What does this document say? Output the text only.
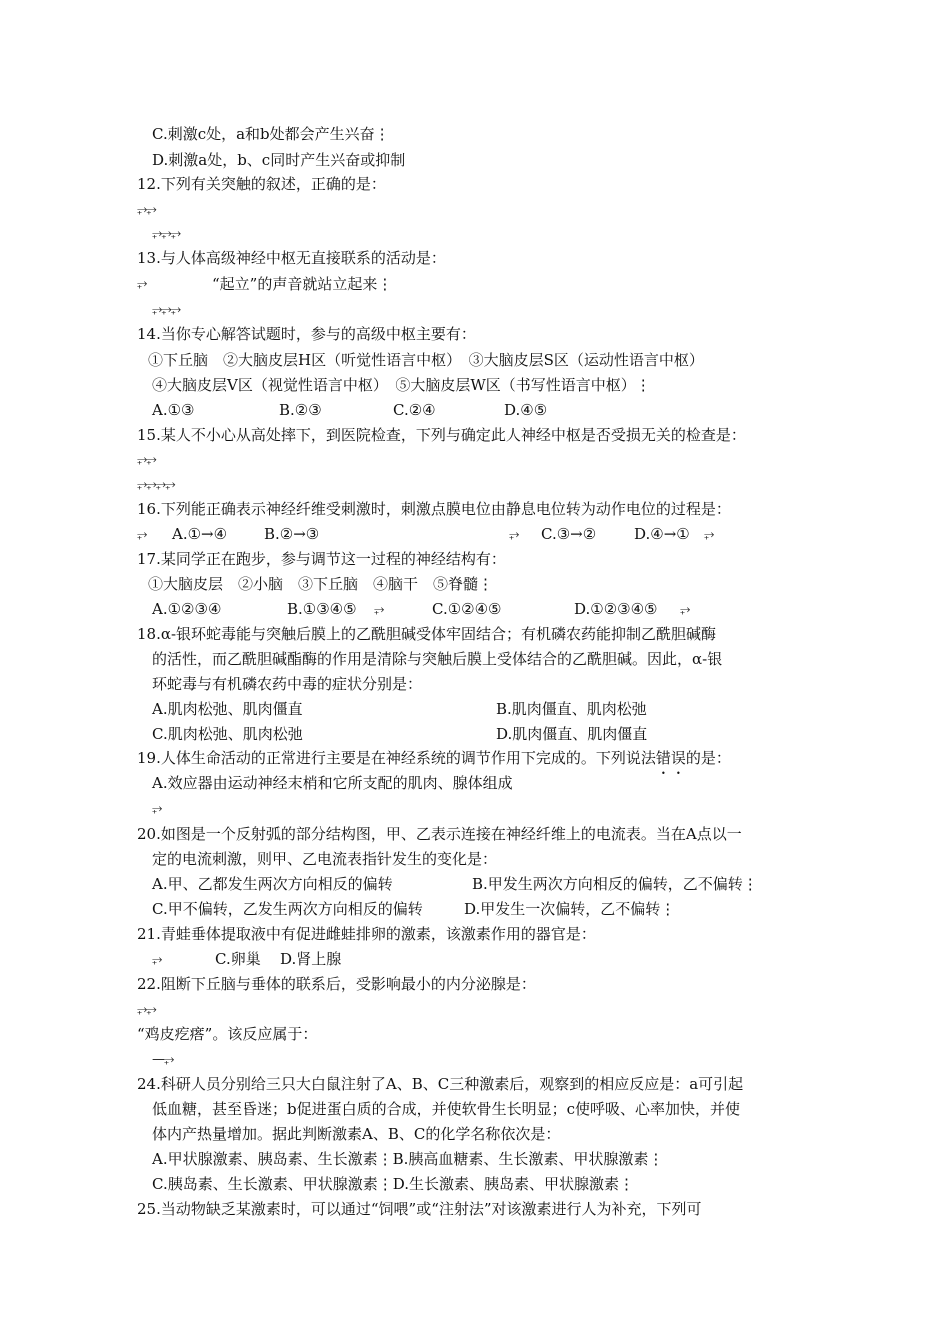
C.刺激c处，a和b处都会产生兴奋⋮
D.刺激a处，b、c同时产生兴奋或抑制
12.下列有关突触的叙述，正确的是：
⥅⥅
⥅⥅⥅
13.与人体高级神经中枢无直接联系的活动是：
⥅	“起立”的声音就站立起来⋮
⥅⥅⥅
14.当你专心解答试题时，参与的高级中枢主要有：
①下丘脑　②大脑皮层H区（听觉性语言中枢）　③大脑皮层S区（运动性语言中枢）
④大脑皮层V区（视觉性语言中枢）　⑤大脑皮层W区（书写性语言中枢）⋮
A.①③	B.②③	C.②④	D.④⑤
15.某人不小心从高处摔下，到医院检查，下列与确定此人神经中枢是否受损无关的检查是：
⥅⥅
⥅⥅⥅⥅
16.下列能正确表示神经纤维受刺激时，刺激点膜电位由静息电位转为动作电位的过程是：
⥅ A.①→④ B.②→③	⥅ C.③→②	D.④→① ⥅
17.某同学正在跑步，参与调节这一过程的神经结构有：
①大脑皮层　②小脑　③下丘脑　④脑干　⑤脊髓⋮
A.①②③④	B.①③④⑤ ⥅	C.①②④⑤	D.①②③④⑤ ⥅
18.α-银环蛇毒能与突触后膜上的乙酰胆碱受体牢固结合；有机磷农药能抑制乙酰胆碱酶
的活性，而乙酰胆碱酯酶的作用是清除与突触后膜上受体结合的乙酰胆碱。因此，α-银
环蛇毒与有机磷农药中毒的症状分别是：
A.肌肉松弛、肌肉僵直	B.肌肉僵直、肌肉松弛
C.肌肉松弛、肌肉松弛	D.肌肉僵直、肌肉僵直
19.人体生命活动的正常进行主要是在神经系统的调节作用下完成的。下列说法错误的是：
A.效应器由运动神经末梢和它所支配的肌肉、腺体组成
⥅
20.如图是一个反射弧的部分结构图，甲、乙表示连接在神经纤维上的电流表。当在A点以一
定的电流刺激，则甲、乙电流表指针发生的变化是：
A.甲、乙都发生两次方向相反的偏转	B.甲发生两次方向相反的偏转，乙不偏转⋮
C.甲不偏转，乙发生两次方向相反的偏转	D.甲发生一次偏转，乙不偏转⋮
21.青蛙垂体提取液中有促进雌蛙排卵的激素，该激素作用的器官是：
⥅	C.卵巢 D.肾上腺
22.阻断下丘脑与垂体的联系后，受影响最小的内分泌腺是：
⥅⥅
“鸡皮疙瘩”。该反应属于：
—⥅
24.科研人员分别给三只大白鼠注射了A、B、C三种激素后，观察到的相应反应是：a可引起
低血糖，甚至昏迷；b促进蛋白质的合成，并使软骨生长明显；c使呼吸、心率加快，并使
体内产热量增加。据此判断激素A、B、C的化学名称依次是：
A.甲状腺激素、胰岛素、生长激素⋮B.胰高血糖素、生长激素、甲状腺激素⋮
C.胰岛素、生长激素、甲状腺激素⋮D.生长激素、胰岛素、甲状腺激素⋮
25.当动物缺乏某激素时，可以通过“饲喂”或“注射法”对该激素进行人为补充，下列可
